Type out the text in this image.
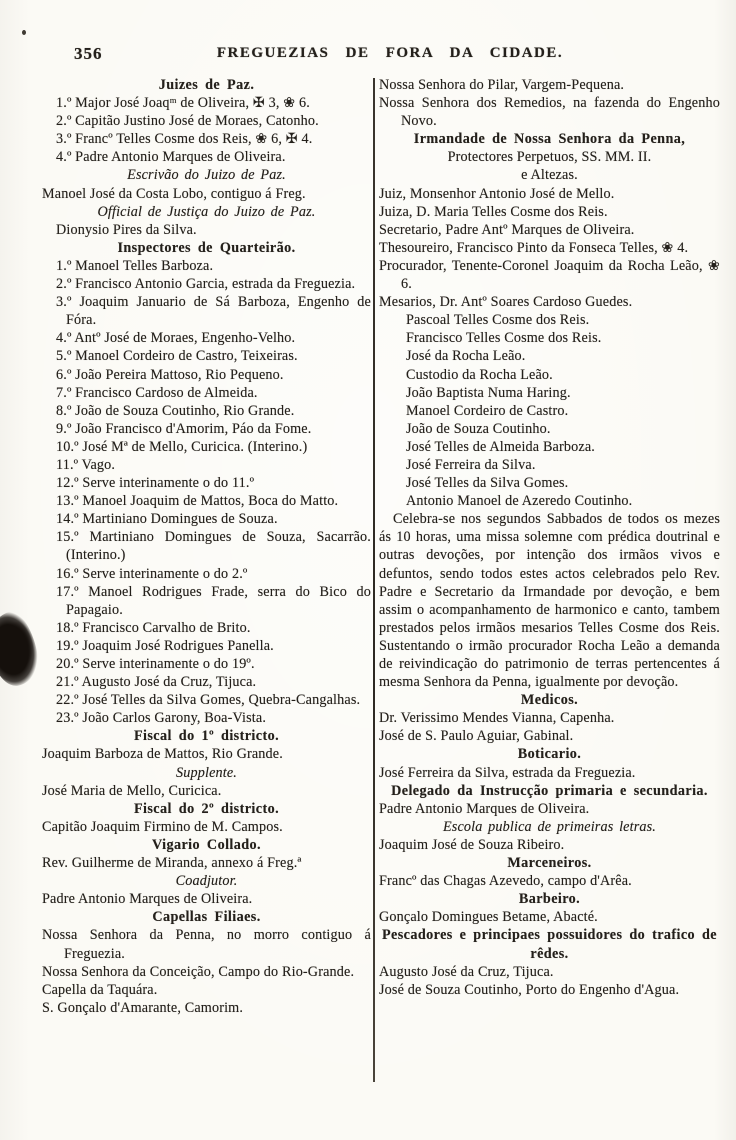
356	FREGUEZIAS DE FORA DA CIDADE.
Juizes de Paz.
1.º Major José Joaqᵐ de Oliveira, ✠ 3, ❀ 6.
2.º Capitão Justino José de Moraes, Catonho.
3.º Francº Telles Cosme dos Reis, ❀ 6, ✠ 4.
4.º Padre Antonio Marques de Oliveira.
Escrivão do Juizo de Paz.
Manoel José da Costa Lobo, contiguo á Freg.
Official de Justiça do Juizo de Paz.
Dionysio Pires da Silva.
Inspectores de Quarteirão.
1.º Manoel Telles Barboza.
2.º Francisco Antonio Garcia, estrada da Freguezia.
3.º Joaquim Januario de Sá Barboza, Engenho de Fóra.
4.º Antº José de Moraes, Engenho-Velho.
5.º Manoel Cordeiro de Castro, Teixeiras.
6.º João Pereira Mattoso, Rio Pequeno.
7.º Francisco Cardoso de Almeida.
8.º João de Souza Coutinho, Rio Grande.
9.º João Francisco d'Amorim, Páo da Fome.
10.º José Mª de Mello, Curicica. (Interino.)
11.º Vago.
12.º Serve interinamente o do 11.º
13.º Manoel Joaquim de Mattos, Boca do Matto.
14.º Martiniano Domingues de Souza.
15.º Martiniano Domingues de Souza, Sacarrão. (Interino.)
16.º Serve interinamente o do 2.º
17.º Manoel Rodrigues Frade, serra do Bico do Papagaio.
18.º Francisco Carvalho de Brito.
19.º Joaquim José Rodrigues Panella.
20.º Serve interinamente o do 19º.
21.º Augusto José da Cruz, Tijuca.
22.º José Telles da Silva Gomes, Quebra-Cangalhas.
23.º João Carlos Garony, Boa-Vista.
Fiscal do 1º districto.
Joaquim Barboza de Mattos, Rio Grande.
Supplente.
José Maria de Mello, Curicica.
Fiscal do 2º districto.
Capitão Joaquim Firmino de M. Campos.
Vigario Collado.
Rev. Guilherme de Miranda, annexo á Freg.ª
Coadjutor.
Padre Antonio Marques de Oliveira.
Capellas Filiaes.
Nossa Senhora da Penna, no morro contiguo á Freguezia.
Nossa Senhora da Conceição, Campo do Rio-Grande.
Capella da Taquára.
S. Gonçalo d'Amarante, Camorim.
Nossa Senhora do Pilar, Vargem-Pequena.
Nossa Senhora dos Remedios, na fazenda do Engenho Novo.
Irmandade de Nossa Senhora da Penna,
Protectores Perpetuos, SS. MM. II.
e Altezas.
Juiz, Monsenhor Antonio José de Mello.
Juiza, D. Maria Telles Cosme dos Reis.
Secretario, Padre Antº Marques de Oliveira.
Thesoureiro, Francisco Pinto da Fonseca Telles, ❀ 4.
Procurador, Tenente-Coronel Joaquim da Rocha Leão, ❀ 6.
Mesarios, Dr. Antº Soares Cardoso Guedes.
Pascoal Telles Cosme dos Reis.
Francisco Telles Cosme dos Reis.
José da Rocha Leão.
Custodio da Rocha Leão.
João Baptista Numa Haring.
Manoel Cordeiro de Castro.
João de Souza Coutinho.
José Telles de Almeida Barboza.
José Ferreira da Silva.
José Telles da Silva Gomes.
Antonio Manoel de Azeredo Coutinho.
Celebra-se nos segundos Sabbados de todos os mezes ás 10 horas, uma missa solemne com prédica doutrinal e outras devoções, por intenção dos irmãos vivos e defuntos, sendo todos estes actos celebrados pelo Rev. Padre e Secretario da Irmandade por devoção, e bem assim o acompanhamento de harmonico e canto, tambem prestados pelos irmãos mesarios Telles Cosme dos Reis. Sustentando o irmão procurador Rocha Leão a demanda de reivindicação do patrimonio de terras pertencentes á mesma Senhora da Penna, igualmente por devoção.
Medicos.
Dr. Verissimo Mendes Vianna, Capenha.
José de S. Paulo Aguiar, Gabinal.
Boticario.
José Ferreira da Silva, estrada da Freguezia.
Delegado da Instrucção primaria e secundaria.
Padre Antonio Marques de Oliveira.
Escola publica de primeiras letras.
Joaquim José de Souza Ribeiro.
Marceneiros.
Francº das Chagas Azevedo, campo d'Arêa.
Barbeiro.
Gonçalo Domingues Betame, Abacté.
Pescadores e principaes possuidores do trafico de rêdes.
Augusto José da Cruz, Tijuca.
José de Souza Coutinho, Porto do Engenho d'Agua.
